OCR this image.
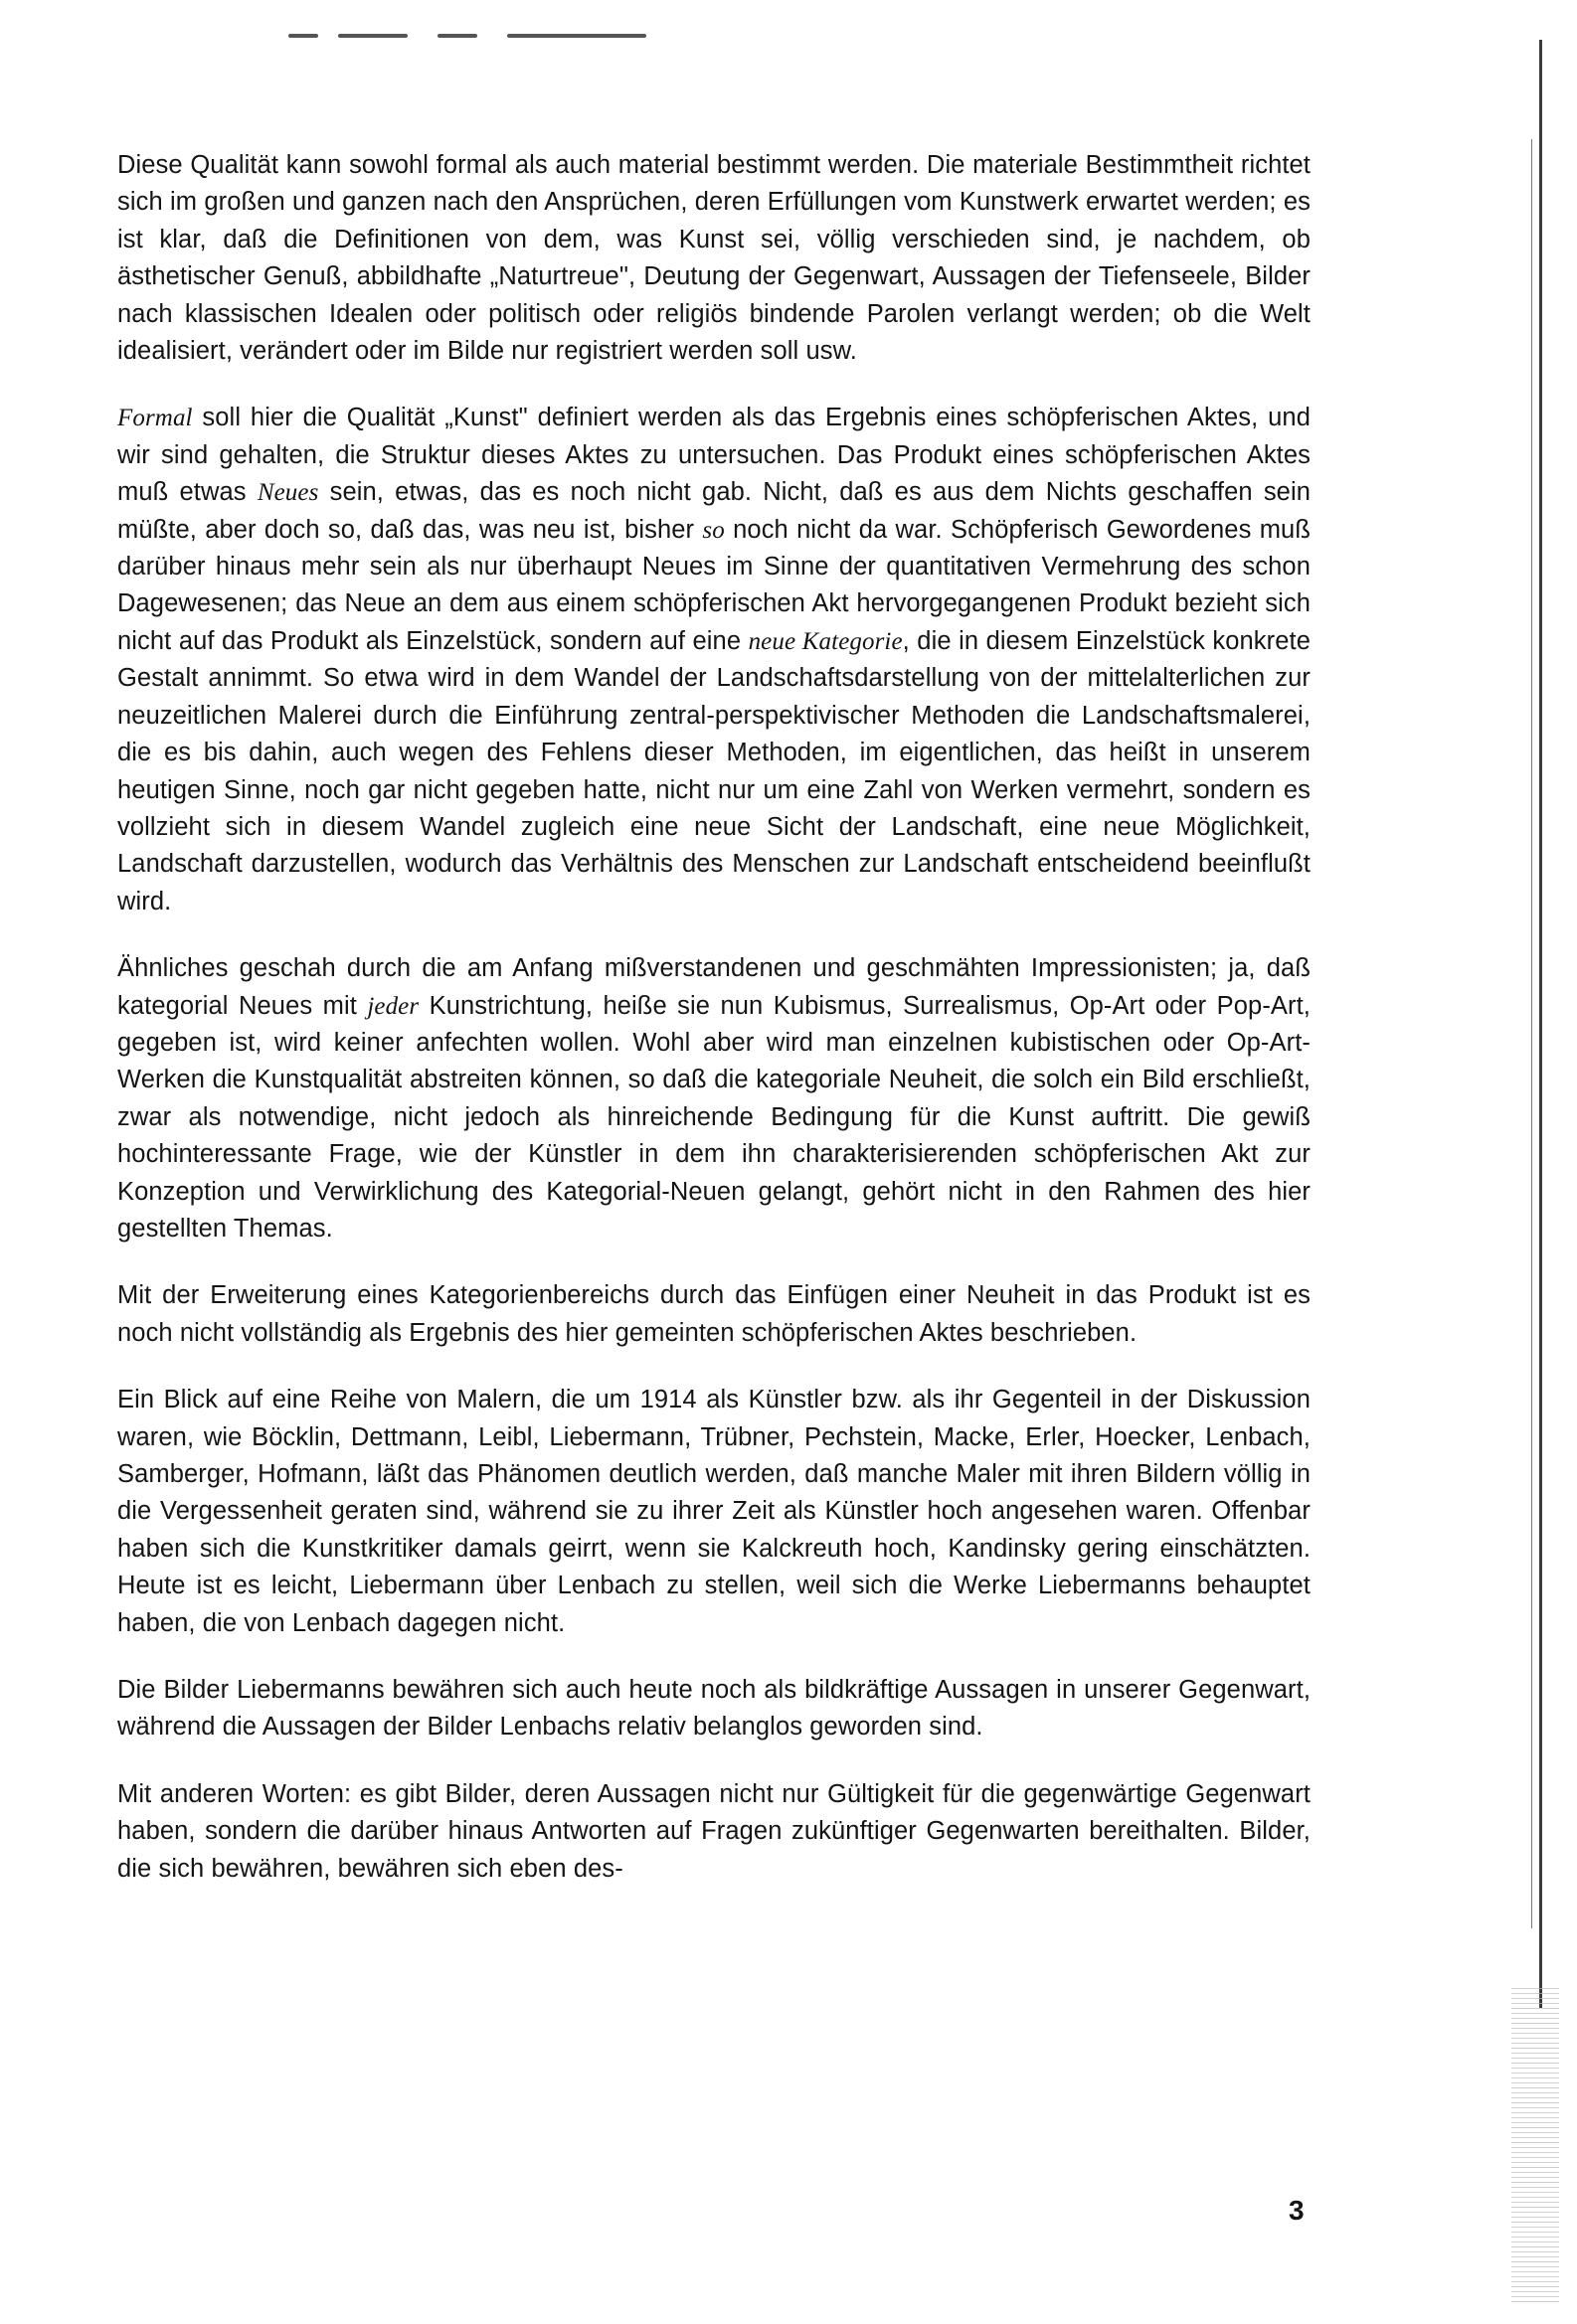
Diese Qualität kann sowohl formal als auch material bestimmt werden. Die materiale Bestimmtheit richtet sich im großen und ganzen nach den Ansprüchen, deren Erfüllungen vom Kunstwerk erwartet werden; es ist klar, daß die Definitionen von dem, was Kunst sei, völlig verschieden sind, je nachdem, ob ästhetischer Genuß, abbildhafte „Naturtreue", Deutung der Gegenwart, Aussagen der Tiefenseele, Bilder nach klassischen Idealen oder politisch oder religiös bindende Parolen verlangt werden; ob die Welt idealisiert, verändert oder im Bilde nur registriert werden soll usw.

Formal soll hier die Qualität „Kunst" definiert werden als das Ergebnis eines schöpferischen Aktes, und wir sind gehalten, die Struktur dieses Aktes zu untersuchen. Das Produkt eines schöpferischen Aktes muß etwas Neues sein, etwas, das es noch nicht gab. Nicht, daß es aus dem Nichts geschaffen sein müßte, aber doch so, daß das, was neu ist, bisher so noch nicht da war. Schöpferisch Gewordenes muß darüber hinaus mehr sein als nur überhaupt Neues im Sinne der quantitativen Vermehrung des schon Dagewesenen; das Neue an dem aus einem schöpferischen Akt hervorgegangenen Produkt bezieht sich nicht auf das Produkt als Einzelstück, sondern auf eine neue Kategorie, die in diesem Einzelstück konkrete Gestalt annimmt. So etwa wird in dem Wandel der Landschaftsdarstellung von der mittelalterlichen zur neuzeitlichen Malerei durch die Einführung zentral-perspektivischer Methoden die Landschaftsmalerei, die es bis dahin, auch wegen des Fehlens dieser Methoden, im eigentlichen, das heißt in unserem heutigen Sinne, noch gar nicht gegeben hatte, nicht nur um eine Zahl von Werken vermehrt, sondern es vollzieht sich in diesem Wandel zugleich eine neue Sicht der Landschaft, eine neue Möglichkeit, Landschaft darzustellen, wodurch das Verhältnis des Menschen zur Landschaft entscheidend beeinflußt wird.

Ähnliches geschah durch die am Anfang mißverstandenen und geschmähten Impressionisten; ja, daß kategorial Neues mit jeder Kunstrichtung, heiße sie nun Kubismus, Surrealismus, Op-Art oder Pop-Art, gegeben ist, wird keiner anfechten wollen. Wohl aber wird man einzelnen kubistischen oder Op-Art-Werken die Kunstqualität abstreiten können, so daß die kategoriale Neuheit, die solch ein Bild erschließt, zwar als notwendige, nicht jedoch als hinreichende Bedingung für die Kunst auftritt. Die gewiß hochinteressante Frage, wie der Künstler in dem ihn charakterisierenden schöpferischen Akt zur Konzeption und Verwirklichung des Kategorial-Neuen gelangt, gehört nicht in den Rahmen des hier gestellten Themas.

Mit der Erweiterung eines Kategorienbereichs durch das Einfügen einer Neuheit in das Produkt ist es noch nicht vollständig als Ergebnis des hier gemeinten schöpferischen Aktes beschrieben.

Ein Blick auf eine Reihe von Malern, die um 1914 als Künstler bzw. als ihr Gegenteil in der Diskussion waren, wie Böcklin, Dettmann, Leibl, Liebermann, Trübner, Pechstein, Macke, Erler, Hoecker, Lenbach, Samberger, Hofmann, läßt das Phänomen deutlich werden, daß manche Maler mit ihren Bildern völlig in die Vergessenheit geraten sind, während sie zu ihrer Zeit als Künstler hoch angesehen waren. Offenbar haben sich die Kunstkritiker damals geirrt, wenn sie Kalckreuth hoch, Kandinsky gering einschätzten. Heute ist es leicht, Liebermann über Lenbach zu stellen, weil sich die Werke Liebermanns behauptet haben, die von Lenbach dagegen nicht.

Die Bilder Liebermanns bewähren sich auch heute noch als bildkräftige Aussagen in unserer Gegenwart, während die Aussagen der Bilder Lenbachs relativ belanglos geworden sind.

Mit anderen Worten: es gibt Bilder, deren Aussagen nicht nur Gültigkeit für die gegenwärtige Gegenwart haben, sondern die darüber hinaus Antworten auf Fragen zukünftiger Gegenwarten bereithalten. Bilder, die sich bewähren, bewähren sich eben des-

3
